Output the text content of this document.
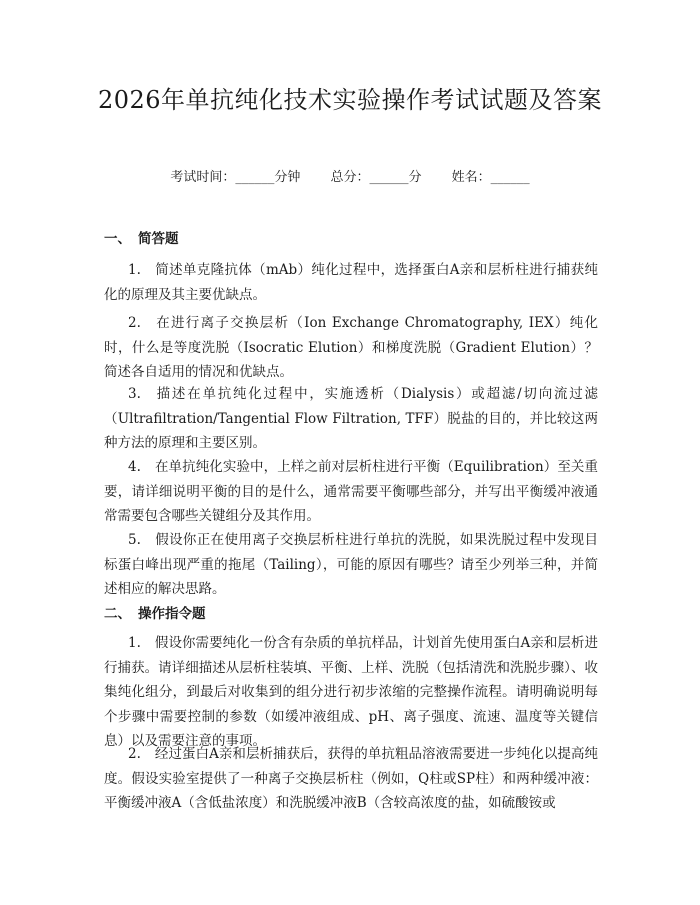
2026年单抗纯化技术实验操作考试试题及答案
考试时间：______分钟 总分：______分 姓名：______
一、 简答题
1. 简述单克隆抗体（mAb）纯化过程中，选择蛋白A亲和层析柱进行捕获纯化的原理及其主要优缺点。
2. 在进行离子交换层析（Ion Exchange Chromatography, IEX）纯化时，什么是等度洗脱（Isocratic Elution）和梯度洗脱（Gradient Elution）？简述各自适用的情况和优缺点。
3. 描述在单抗纯化过程中，实施透析（Dialysis）或超滤/切向流过滤（Ultrafiltration/Tangential Flow Filtration, TFF）脱盐的目的，并比较这两种方法的原理和主要区别。
4. 在单抗纯化实验中，上样之前对层析柱进行平衡（Equilibration）至关重要，请详细说明平衡的目的是什么，通常需要平衡哪些部分，并写出平衡缓冲液通常需要包含哪些关键组分及其作用。
5. 假设你正在使用离子交换层析柱进行单抗的洗脱，如果洗脱过程中发现目标蛋白峰出现严重的拖尾（Tailing），可能的原因有哪些？请至少列举三种，并简述相应的解决思路。
二、 操作指令题
1. 假设你需要纯化一份含有杂质的单抗样品，计划首先使用蛋白A亲和层析进行捕获。请详细描述从层析柱装填、平衡、上样、洗脱（包括清洗和洗脱步骤）、收集纯化组分，到最后对收集到的组分进行初步浓缩的完整操作流程。请明确说明每个步骤中需要控制的参数（如缓冲液组成、pH、离子强度、流速、温度等关键信息）以及需要注意的事项。
2. 经过蛋白A亲和层析捕获后，获得的单抗粗品溶液需要进一步纯化以提高纯度。假设实验室提供了一种离子交换层析柱（例如，Q柱或SP柱）和两种缓冲液：平衡缓冲液A（含低盐浓度）和洗脱缓冲液B（含较高浓度的盐，如硫酸铵或
